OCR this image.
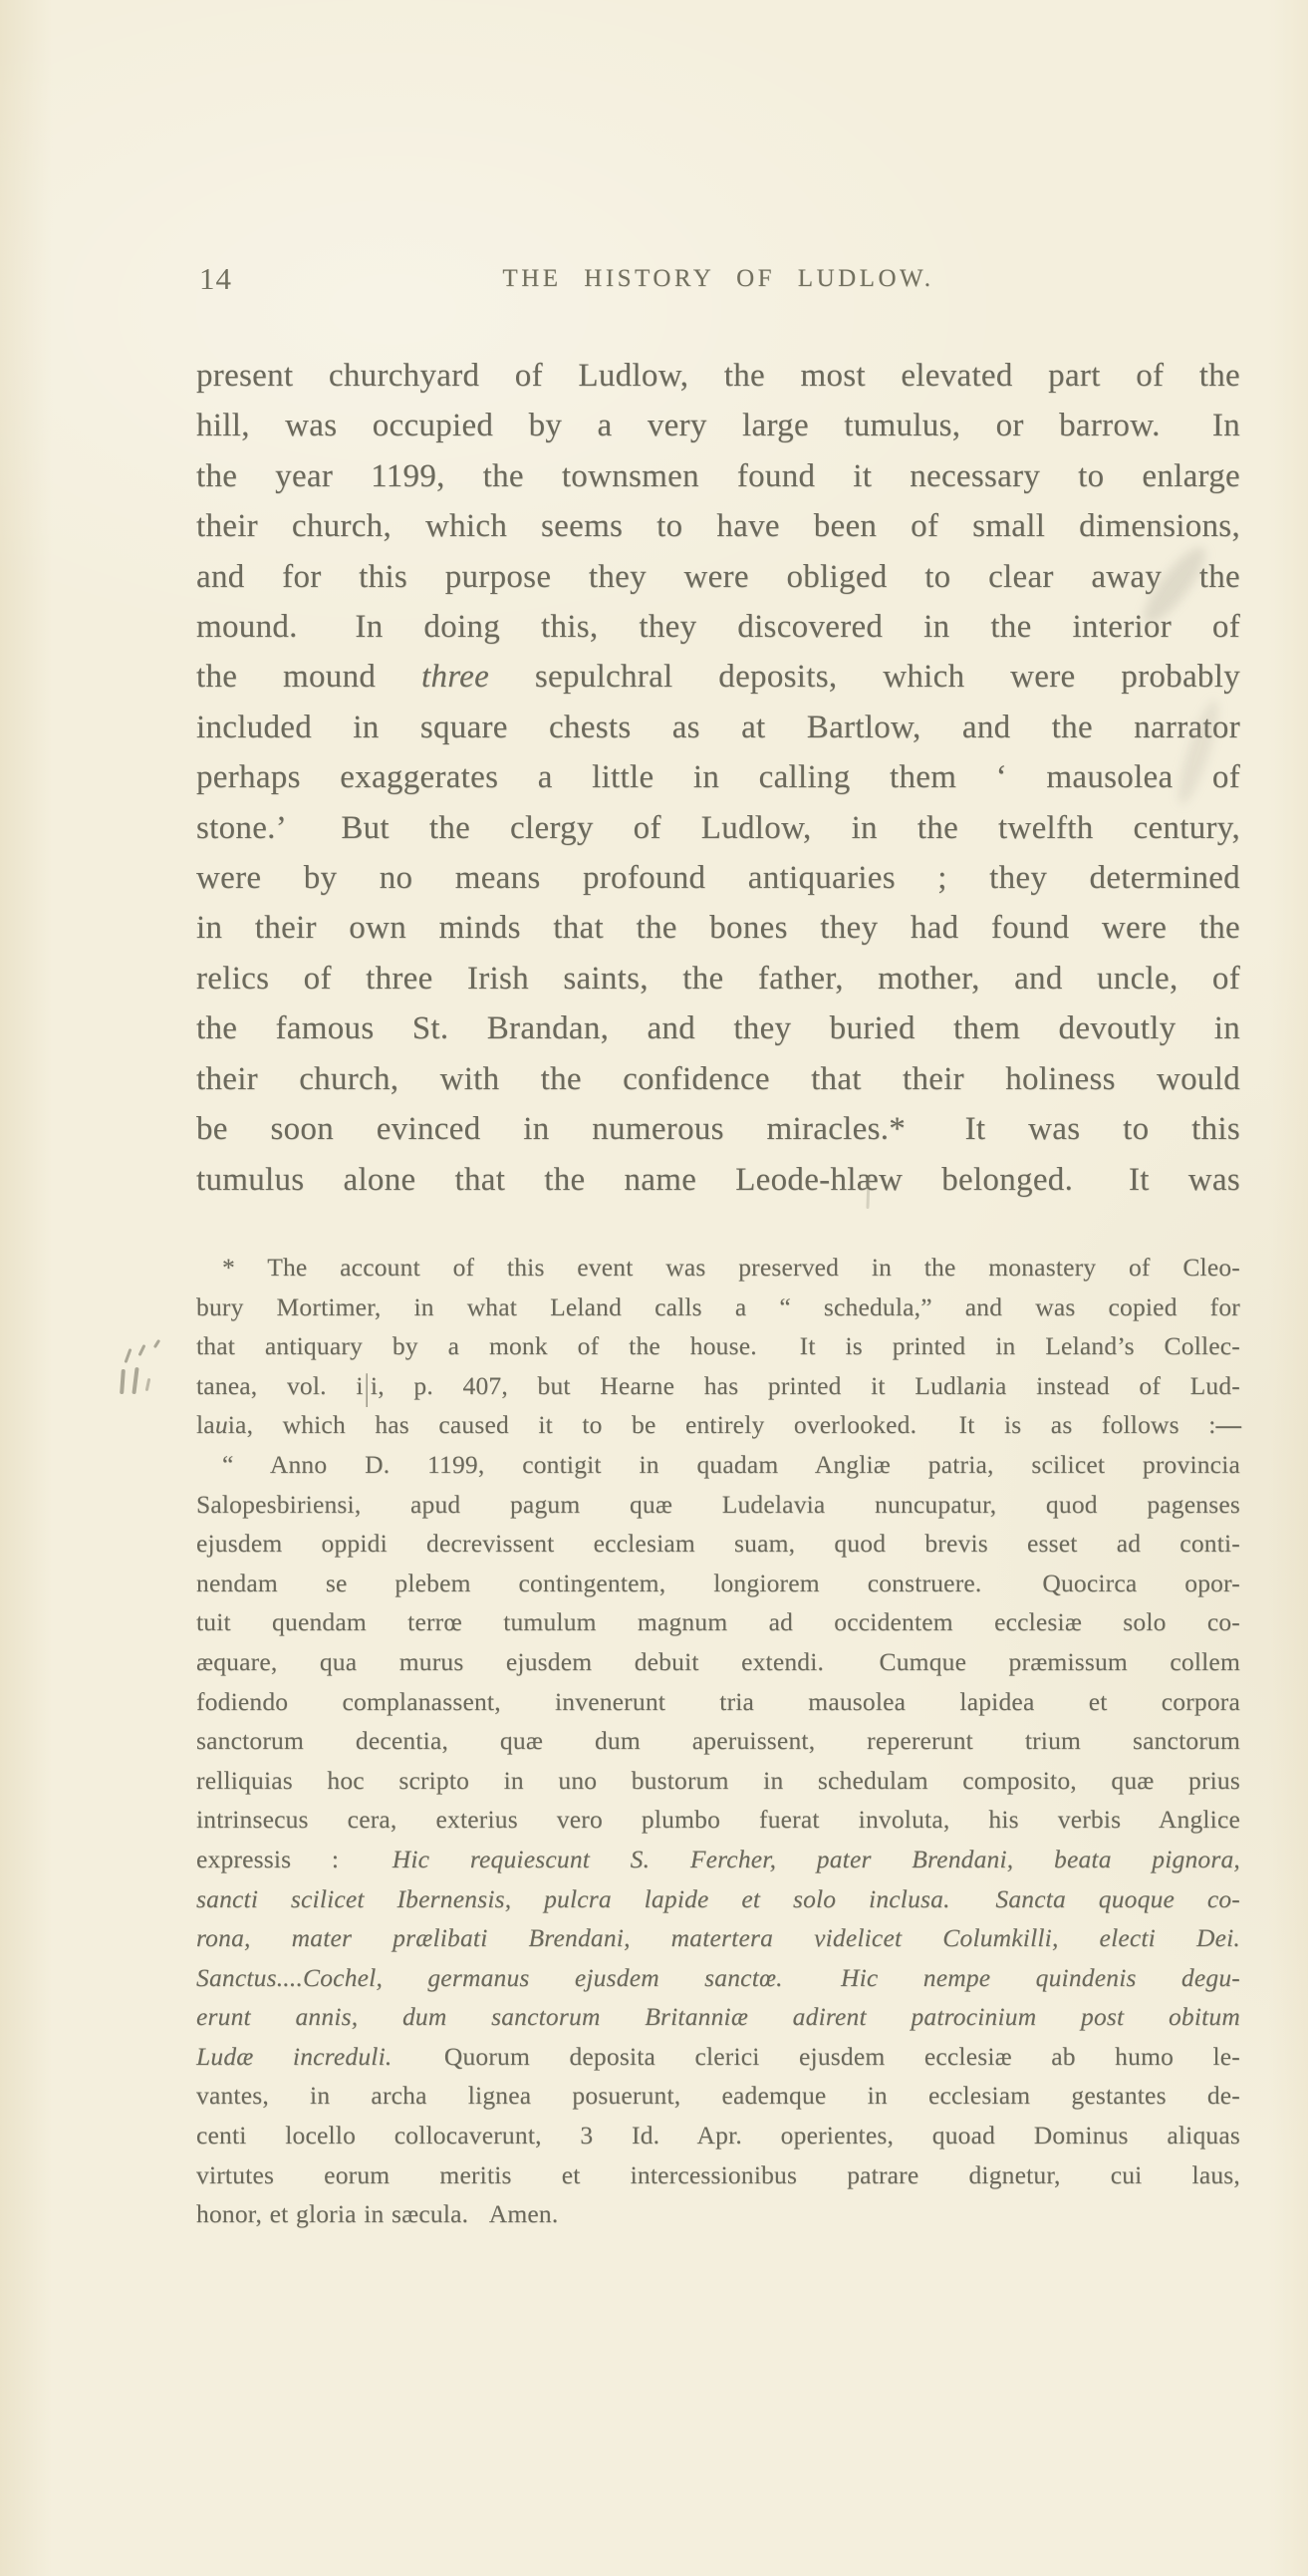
14	THE HISTORY OF LUDLOW.
present churchyard of Ludlow, the most elevated part of the
hill, was occupied by a very large tumulus, or barrow.  In
the year 1199, the townsmen found it necessary to enlarge
their church, which seems to have been of small dimensions,
and for this purpose they were obliged to clear away the
mound.  In doing this, they discovered in the interior of
the mound three sepulchral deposits, which were probably
included in square chests as at Bartlow, and the narrator
perhaps exaggerates a little in calling them ‘ mausolea of
stone.’  But the clergy of Ludlow, in the twelfth century,
were by no means profound antiquaries ; they determined
in their own minds that the bones they had found were the
relics of three Irish saints, the father, mother, and uncle, of
the famous St. Brandan, and they buried them devoutly in
their church, with the confidence that their holiness would
be soon evinced in numerous miracles.*  It was to this
tumulus alone that the name Leode-hlæw belonged.  It was
* The account of this event was preserved in the monastery of Cleo-
bury Mortimer, in what Leland calls a “ schedula,” and was copied for
that antiquary by a monk of the house.  It is printed in Leland’s Collec-
tanea, vol. i|i, p. 407, but Hearne has printed it Ludlania instead of Lud-
lauia, which has caused it to be entirely overlooked.  It is as follows :—
“ Anno D. 1199, contigit in quadam Angliæ patria, scilicet provincia
Salopesbiriensi, apud pagum quæ Ludelavia nuncupatur, quod pagenses
ejusdem oppidi decrevissent ecclesiam suam, quod brevis esset ad conti-
nendam se plebem contingentem, longiorem construere.  Quocirca opor-
tuit quendam terrœ tumulum magnum ad occidentem ecclesiæ solo co-
æquare, qua murus ejusdem debuit extendi.  Cumque præmissum collem
fodiendo complanassent, invenerunt tria mausolea lapidea et corpora
sanctorum decentia, quæ dum aperuissent, repererunt trium sanctorum
relliquias hoc scripto in uno bustorum in schedulam composito, quæ prius
intrinsecus cera, exterius vero plumbo fuerat involuta, his verbis Anglice
expressis :  Hic requiescunt S. Fercher, pater Brendani, beata pignora,
sancti scilicet Ibernensis, pulcra lapide et solo inclusa.  Sancta quoque co-
rona, mater prælibati Brendani, matertera videlicet Columkilli, electi Dei.
Sanctus....Cochel, germanus ejusdem sanctœ.  Hic nempe quindenis degu-
erunt annis, dum sanctorum Britanniæ adirent patrocinium post obitum
Ludæ increduli.  Quorum deposita clerici ejusdem ecclesiæ ab humo le-
vantes, in archa lignea posuerunt, eademque in ecclesiam gestantes de-
centi locello collocaverunt, 3 Id. Apr. operientes, quoad Dominus aliquas
virtutes eorum meritis et intercessionibus patrare dignetur, cui laus,
honor, et gloria in sæcula.  Amen.
